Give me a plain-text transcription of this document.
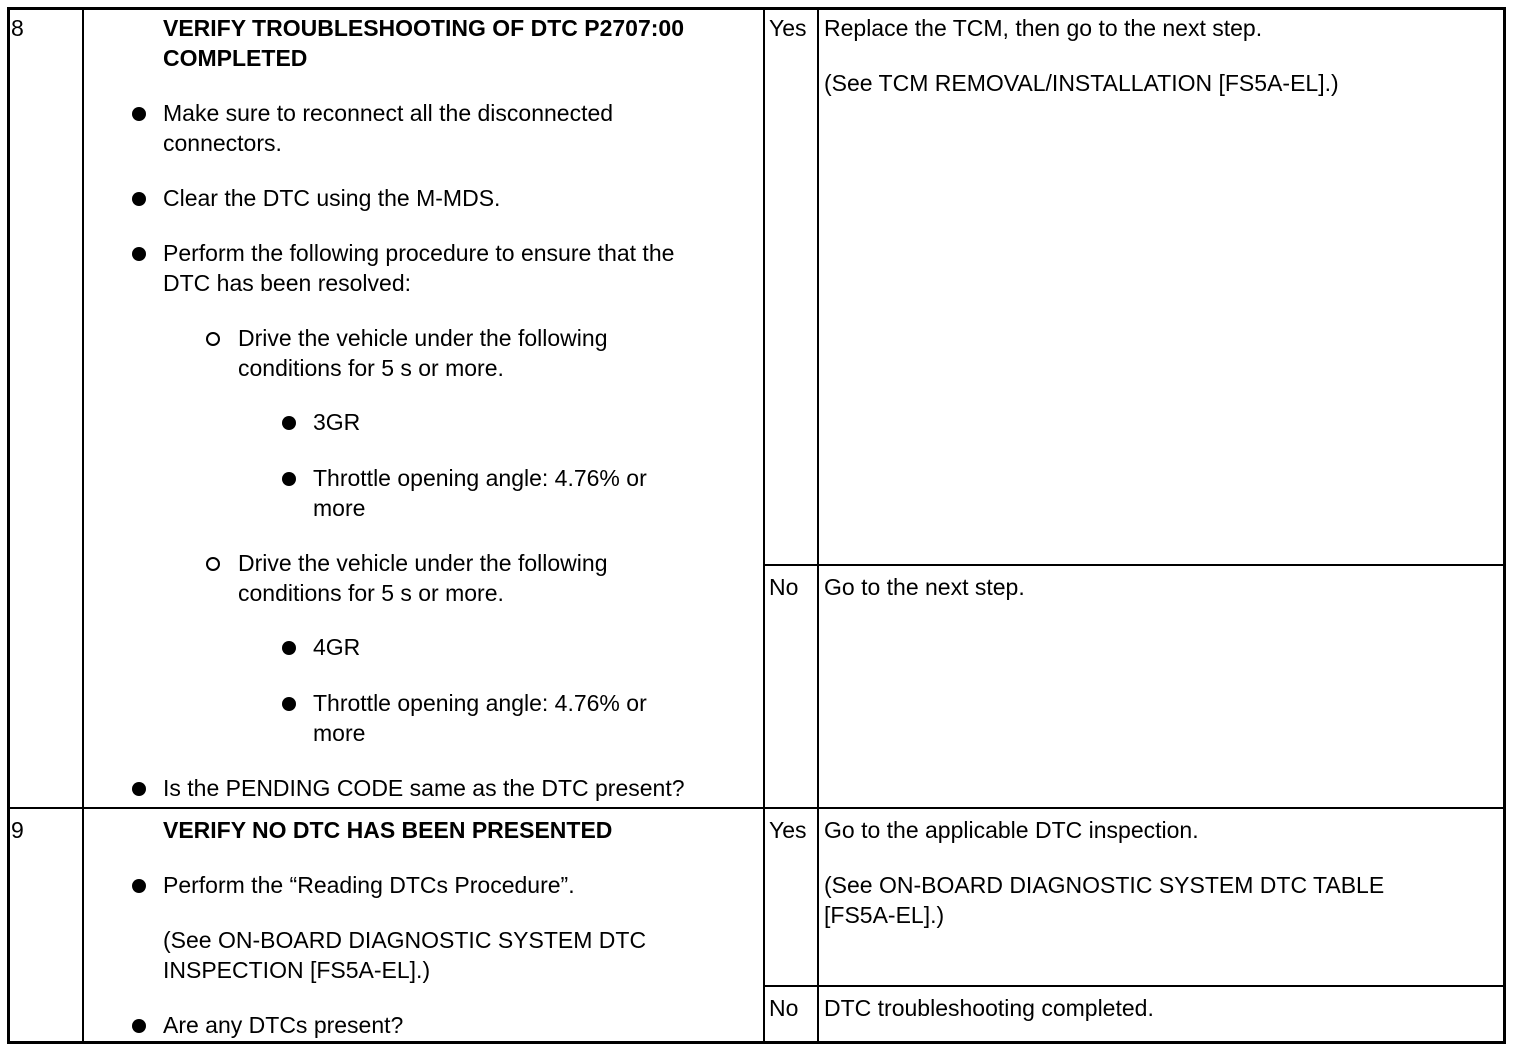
8	VERIFY TROUBLESHOOTING OF DTC P2707:00
COMPLETED
Make sure to reconnect all the disconnected
connectors.
Clear the DTC using the M-MDS.
Perform the following procedure to ensure that the
DTC has been resolved:
Drive the vehicle under the following
conditions for 5 s or more.
3GR
Throttle opening angle: 4.76% or
more
Drive the vehicle under the following
conditions for 5 s or more.
4GR
Throttle opening angle: 4.76% or
more
Is the PENDING CODE same as the DTC present?
Yes Replace the TCM, then go to the next step.
(See TCM REMOVAL/INSTALLATION [FS5A-EL].)
No Go to the next step.
9	VERIFY NO DTC HAS BEEN PRESENTED
Perform the “Reading DTCs Procedure”.
(See ON-BOARD DIAGNOSTIC SYSTEM DTC
INSPECTION [FS5A-EL].)
Are any DTCs present?
Yes Go to the applicable DTC inspection.
(See ON-BOARD DIAGNOSTIC SYSTEM DTC TABLE
[FS5A-EL].)
No DTC troubleshooting completed.
